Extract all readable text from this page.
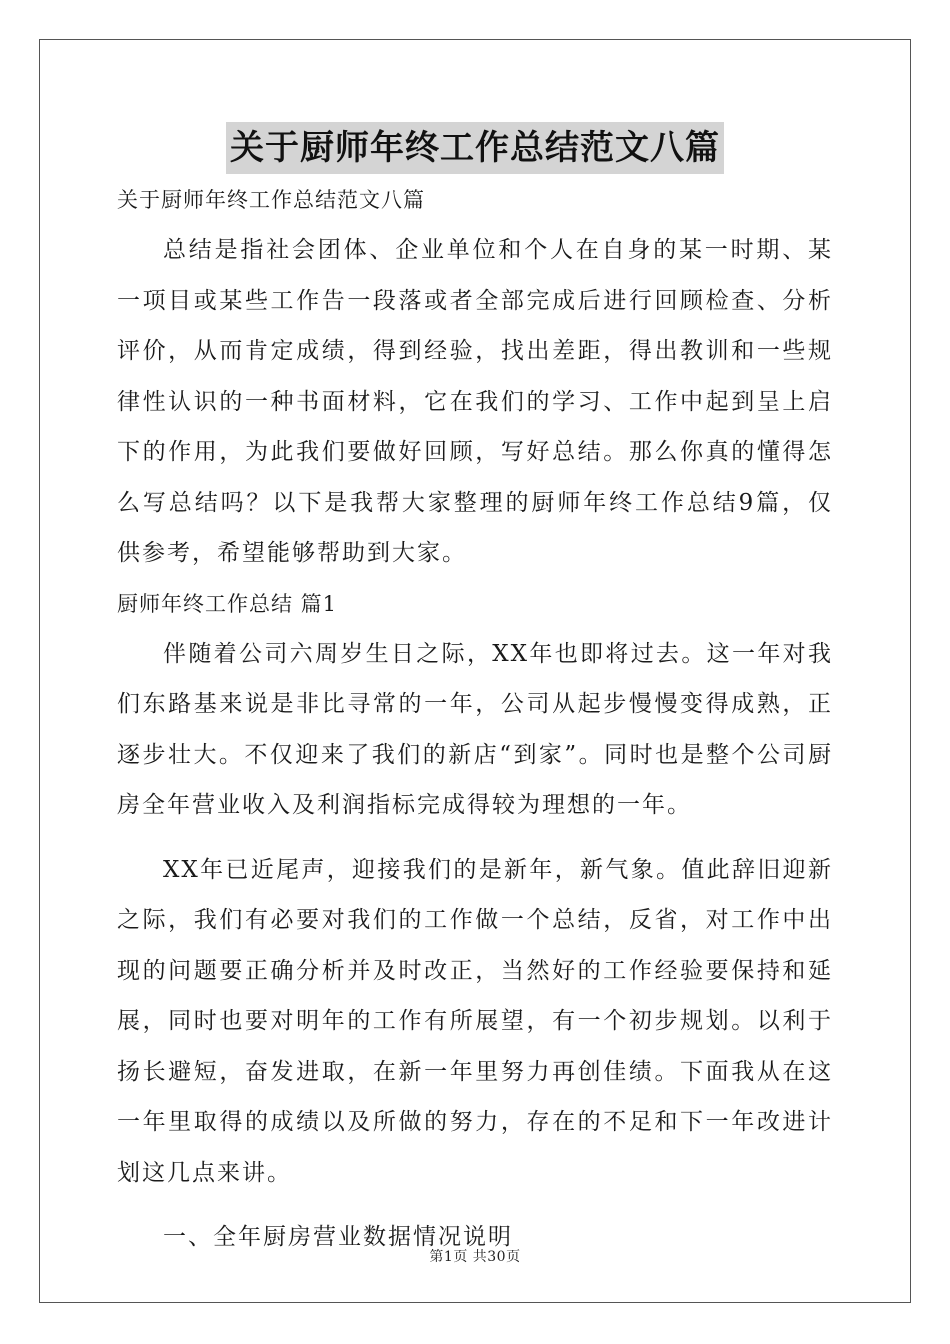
关于厨师年终工作总结范文八篇

关于厨师年终工作总结范文八篇

总结是指社会团体、企业单位和个人在自身的某一时期、某一项目或某些工作告一段落或者全部完成后进行回顾检查、分析评价，从而肯定成绩，得到经验，找出差距，得出教训和一些规律性认识的一种书面材料，它在我们的学习、工作中起到呈上启下的作用，为此我们要做好回顾，写好总结。那么你真的懂得怎么写总结吗？以下是我帮大家整理的厨师年终工作总结9篇，仅供参考，希望能够帮助到大家。

厨师年终工作总结 篇1

伴随着公司六周岁生日之际，XX年也即将过去。这一年对我们东路基来说是非比寻常的一年，公司从起步慢慢变得成熟，正逐步壮大。不仅迎来了我们的新店“到家”。同时也是整个公司厨房全年营业收入及利润指标完成得较为理想的一年。

XX年已近尾声，迎接我们的是新年，新气象。值此辞旧迎新之际，我们有必要对我们的工作做一个总结，反省，对工作中出现的问题要正确分析并及时改正，当然好的工作经验要保持和延展，同时也要对明年的工作有所展望，有一个初步规划。以利于扬长避短，奋发进取，在新一年里努力再创佳绩。下面我从在这一年里取得的成绩以及所做的努力，存在的不足和下一年改进计划这几点来讲。

一、全年厨房营业数据情况说明

第1页 共30页
